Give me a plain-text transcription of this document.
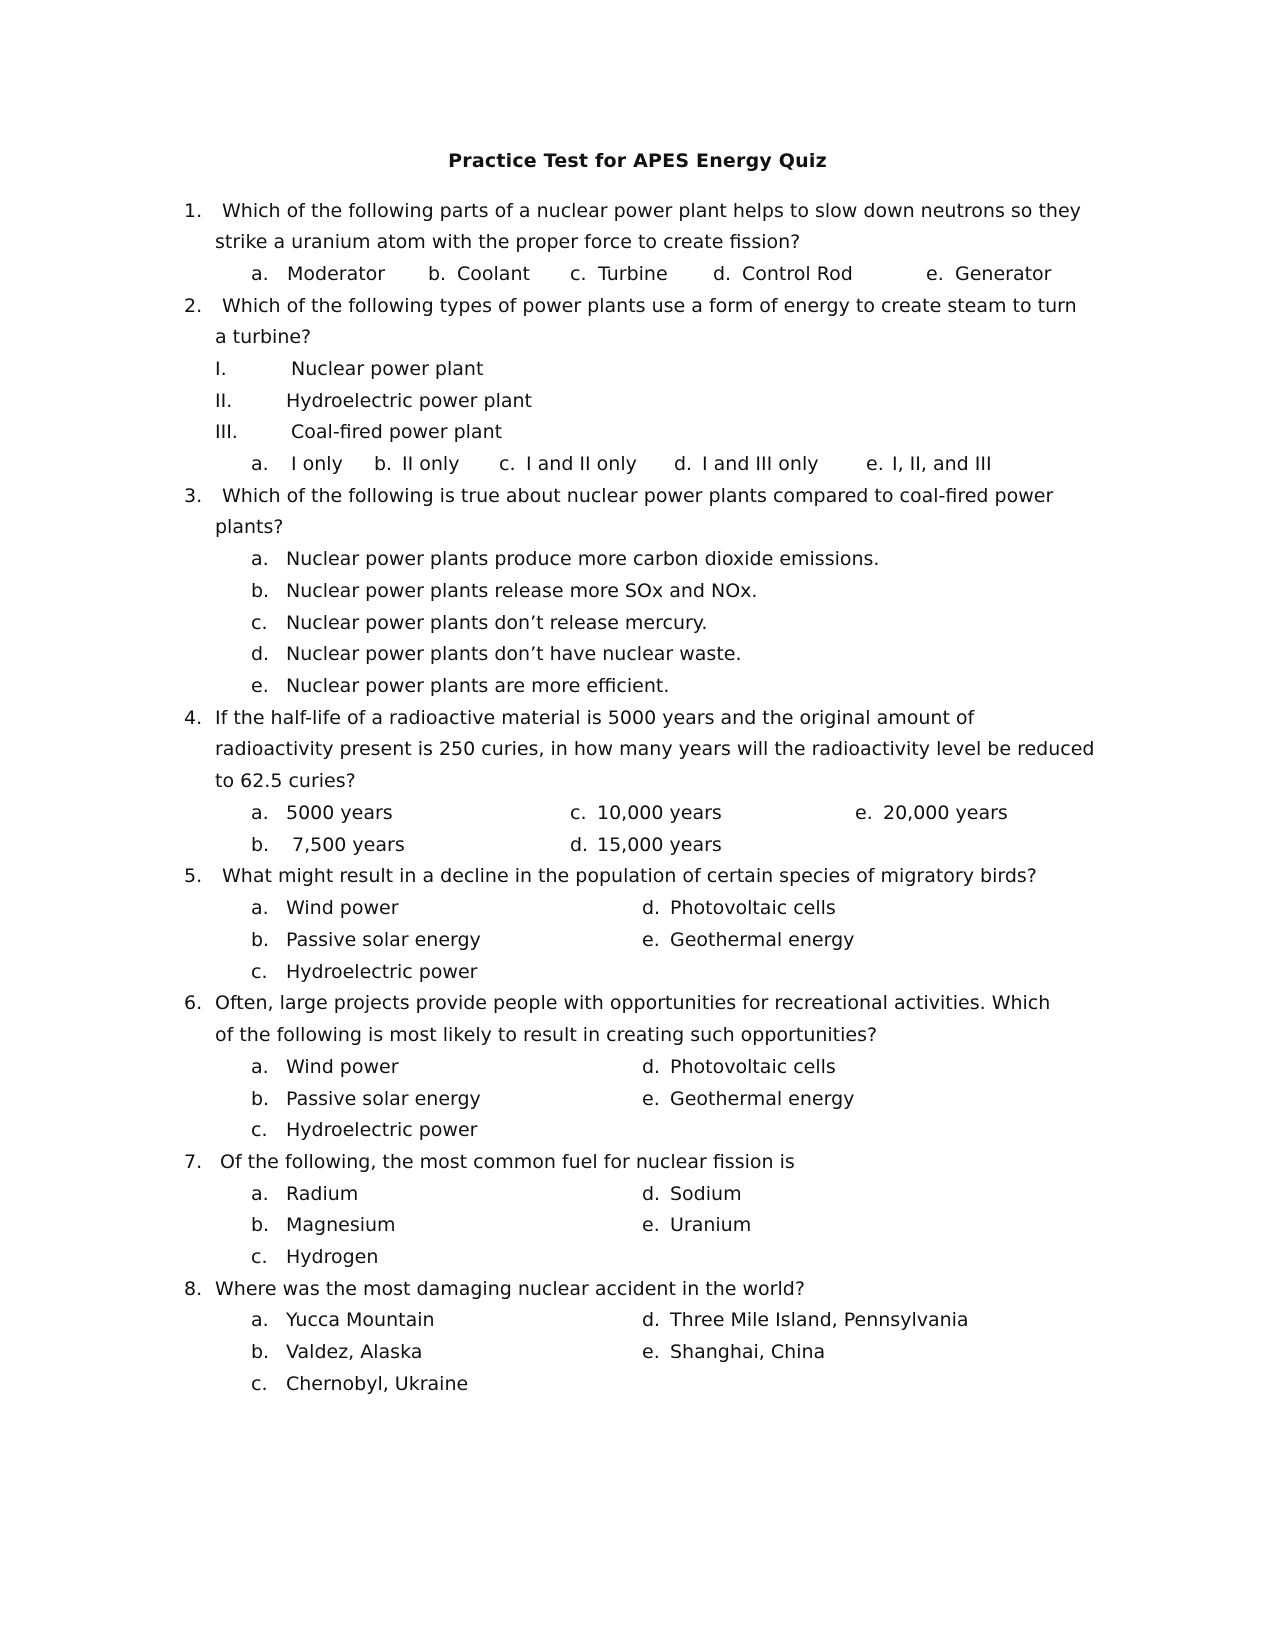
Practice Test for APES Energy Quiz
1. Which of the following parts of a nuclear power plant helps to slow down neutrons so they
strike a uranium atom with the proper force to create fission?
a. Moderator b. Coolant c. Turbine d. Control Rod	e. Generator
2. Which of the following types of power plants use a form of energy to create steam to turn
a turbine?
I.	Nuclear power plant
II.	Hydroelectric power plant
III.	Coal-fired power plant
a. I only b. II only c. I and II only d. I and III only	e. I, II, and III
3. Which of the following is true about nuclear power plants compared to coal-fired power
plants?
a. Nuclear power plants produce more carbon dioxide emissions.
b. Nuclear power plants release more SOx and NOx.
c. Nuclear power plants don’t release mercury.
d. Nuclear power plants don’t have nuclear waste.
e. Nuclear power plants are more efficient.
4. If the half-life of a radioactive material is 5000 years and the original amount of
radioactivity present is 250 curies, in how many years will the radioactivity level be reduced
to 62.5 curies?
a. 5000 years	c. 10,000 years	e. 20,000 years
b. 7,500 years	d. 15,000 years
5. What might result in a decline in the population of certain species of migratory birds?
a. Wind power	d. Photovoltaic cells
b. Passive solar energy	e. Geothermal energy
c. Hydroelectric power
6. Often, large projects provide people with opportunities for recreational activities. Which
of the following is most likely to result in creating such opportunities?
a. Wind power	d. Photovoltaic cells
b. Passive solar energy	e. Geothermal energy
c. Hydroelectric power
7. Of the following, the most common fuel for nuclear fission is
a. Radium	d. Sodium
b. Magnesium	e. Uranium
c. Hydrogen
8. Where was the most damaging nuclear accident in the world?
a. Yucca Mountain	d. Three Mile Island, Pennsylvania
b. Valdez, Alaska	e. Shanghai, China
c. Chernobyl, Ukraine
